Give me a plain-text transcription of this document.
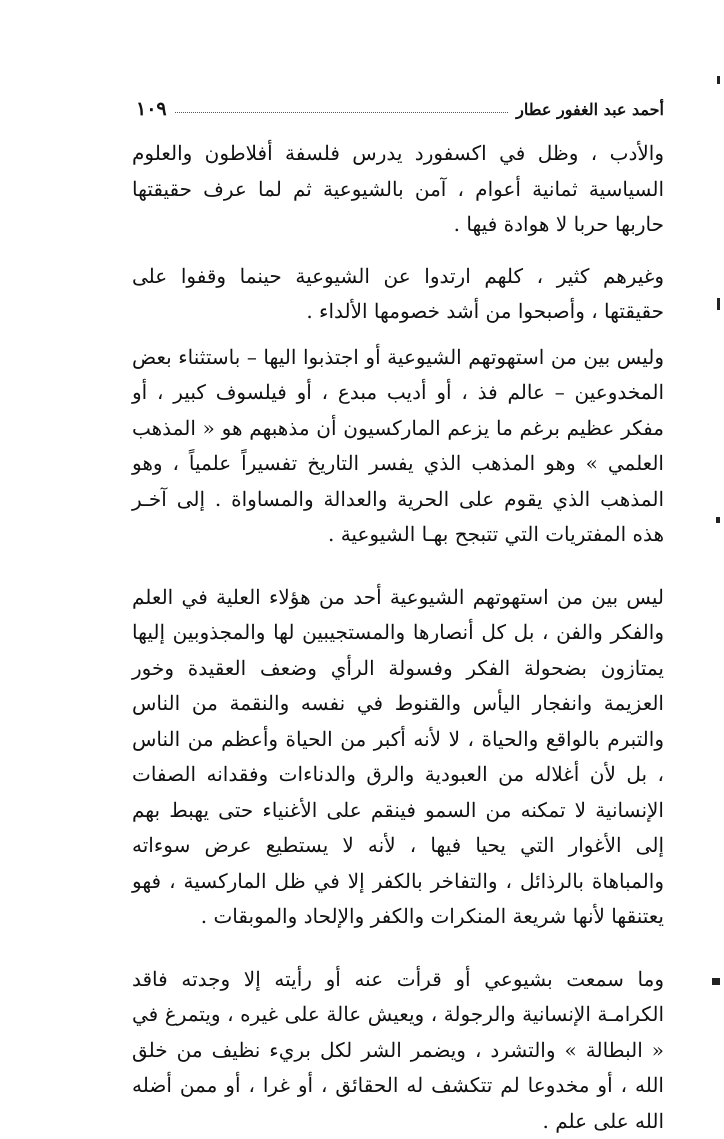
١٠٩	أحمد عبد الغفور عطار

والأدب ، وظل في اكسفورد يدرس فلسفة أفلاطون والعلوم السياسية ثمانية أعوام ، آمن بالشيوعية ثم لما عرف حقيقتها حاربها حربا لا هوادة فيها .

وغيرهم كثير ، كلهم ارتدوا عن الشيوعية حينما وقفوا على حقيقتها ، وأصبحوا من أشد خصومها الألداء .

وليس بين من استهوتهم الشيوعية أو اجتذبوا اليها – باستثناء بعض المخدوعين – عالم فذ ، أو أديب مبدع ، أو فيلسوف كبير ، أو مفكر عظيم برغم ما يزعم الماركسيون أن مذهبهم هو « المذهب العلمي » وهو المذهب الذي يفسر التاريخ تفسيراً علمياً ، وهو المذهب الذي يقوم على الحرية والعدالة والمساواة . إلى آخـر هذه المفتريات التي تتبجح بهـا الشيوعية .

ليس بين من استهوتهم الشيوعية أحد من هؤلاء العلية في العلم والفكر والفن ، بل كل أنصارها والمستجيبين لها والمجذوبين إليها يمتازون بضحولة الفكر وفسولة الرأي وضعف العقيدة وخور العزيمة وانفجار اليأس والقنوط في نفسه والنقمة من الناس والتبرم بالواقع والحياة ، لا لأنه أكبر من الحياة وأعظم من الناس ، بل لأن أغلاله من العبودية والرق والدناءات وفقدانه الصفات الإنسانية لا تمكنه من السمو فينقم على الأغنياء حتى يهبط بهم إلى الأغوار التي يحيا فيها ، لأنه لا يستطيع عرض سوءاته والمباهاة بالرذائل ، والتفاخر بالكفر إلا في ظل الماركسية ، فهو يعتنقها لأنها شريعة المنكرات والكفر والإلحاد والموبقات .

وما سمعت بشيوعي أو قرأت عنه أو رأيته إلا وجدته فاقد الكرامـة الإنسانية والرجولة ، ويعيش عالة على غيره ، ويتمرغ في « البطالة » والتشرد ، ويضمر الشر لكل بريء نظيف من خلق الله ، أو مخدوعا لم تتكشف له الحقائق ، أو غرا ، أو ممن أضله الله على علم .
